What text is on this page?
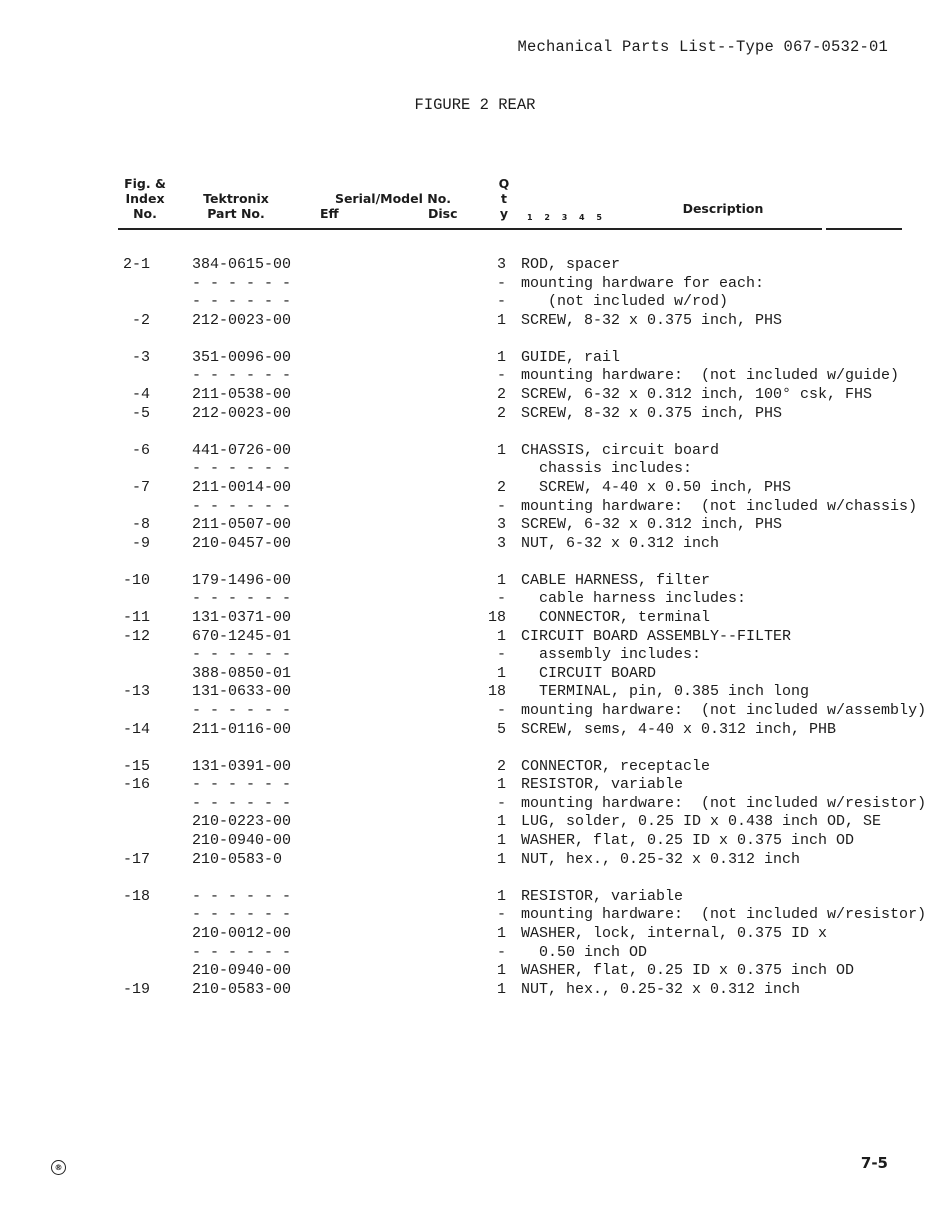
Mechanical Parts List--Type 067-0532-01
FIGURE 2 REAR
Fig. &
Index
No.
Tektronix
Part No.
Serial/Model No.
Eff	Disc
Q
t
y	1 2 3 4 5
Description
2-1	384-0615-00	3 ROD, spacer
- - - - - -	- mounting hardware for each:
- - - - - -	- (not included w/rod)
-2	212-0023-00	1 SCREW, 8-32 x 0.375 inch, PHS
-3	351-0096-00	1 GUIDE, rail
- - - - - -	- mounting hardware:  (not included w/guide)
-4	211-0538-00	2 SCREW, 6-32 x 0.312 inch, 100° csk, FHS
-5	212-0023-00	2 SCREW, 8-32 x 0.375 inch, PHS
-6	441-0726-00	1 CHASSIS, circuit board
- - - - - -	chassis includes:
-7	211-0014-00	2 SCREW, 4-40 x 0.50 inch, PHS
- - - - - -	- mounting hardware:  (not included w/chassis)
-8	211-0507-00	3 SCREW, 6-32 x 0.312 inch, PHS
-9	210-0457-00	3 NUT, 6-32 x 0.312 inch
-10	179-1496-00	1 CABLE HARNESS, filter
- - - - - -	- cable harness includes:
-11	131-0371-00	18 CONNECTOR, terminal
-12	670-1245-01	1 CIRCUIT BOARD ASSEMBLY--FILTER
- - - - - -	- assembly includes:
388-0850-01	1 CIRCUIT BOARD
-13	131-0633-00	18 TERMINAL, pin, 0.385 inch long
- - - - - -	- mounting hardware:  (not included w/assembly)
-14	211-0116-00	5 SCREW, sems, 4-40 x 0.312 inch, PHB
-15	131-0391-00	2 CONNECTOR, receptacle
-16	- - - - - -	1 RESISTOR, variable
- - - - - -	- mounting hardware:  (not included w/resistor)
210-0223-00	1 LUG, solder, 0.25 ID x 0.438 inch OD, SE
210-0940-00	1 WASHER, flat, 0.25 ID x 0.375 inch OD
-17	210-0583-0	1 NUT, hex., 0.25-32 x 0.312 inch
-18	- - - - - -	1 RESISTOR, variable
- - - - - -	- mounting hardware:  (not included w/resistor)
210-0012-00	1 WASHER, lock, internal, 0.375 ID x
- - - - - -	- 0.50 inch OD
210-0940-00	1 WASHER, flat, 0.25 ID x 0.375 inch OD
-19	210-0583-00	1 NUT, hex., 0.25-32 x 0.312 inch
7-5
®
